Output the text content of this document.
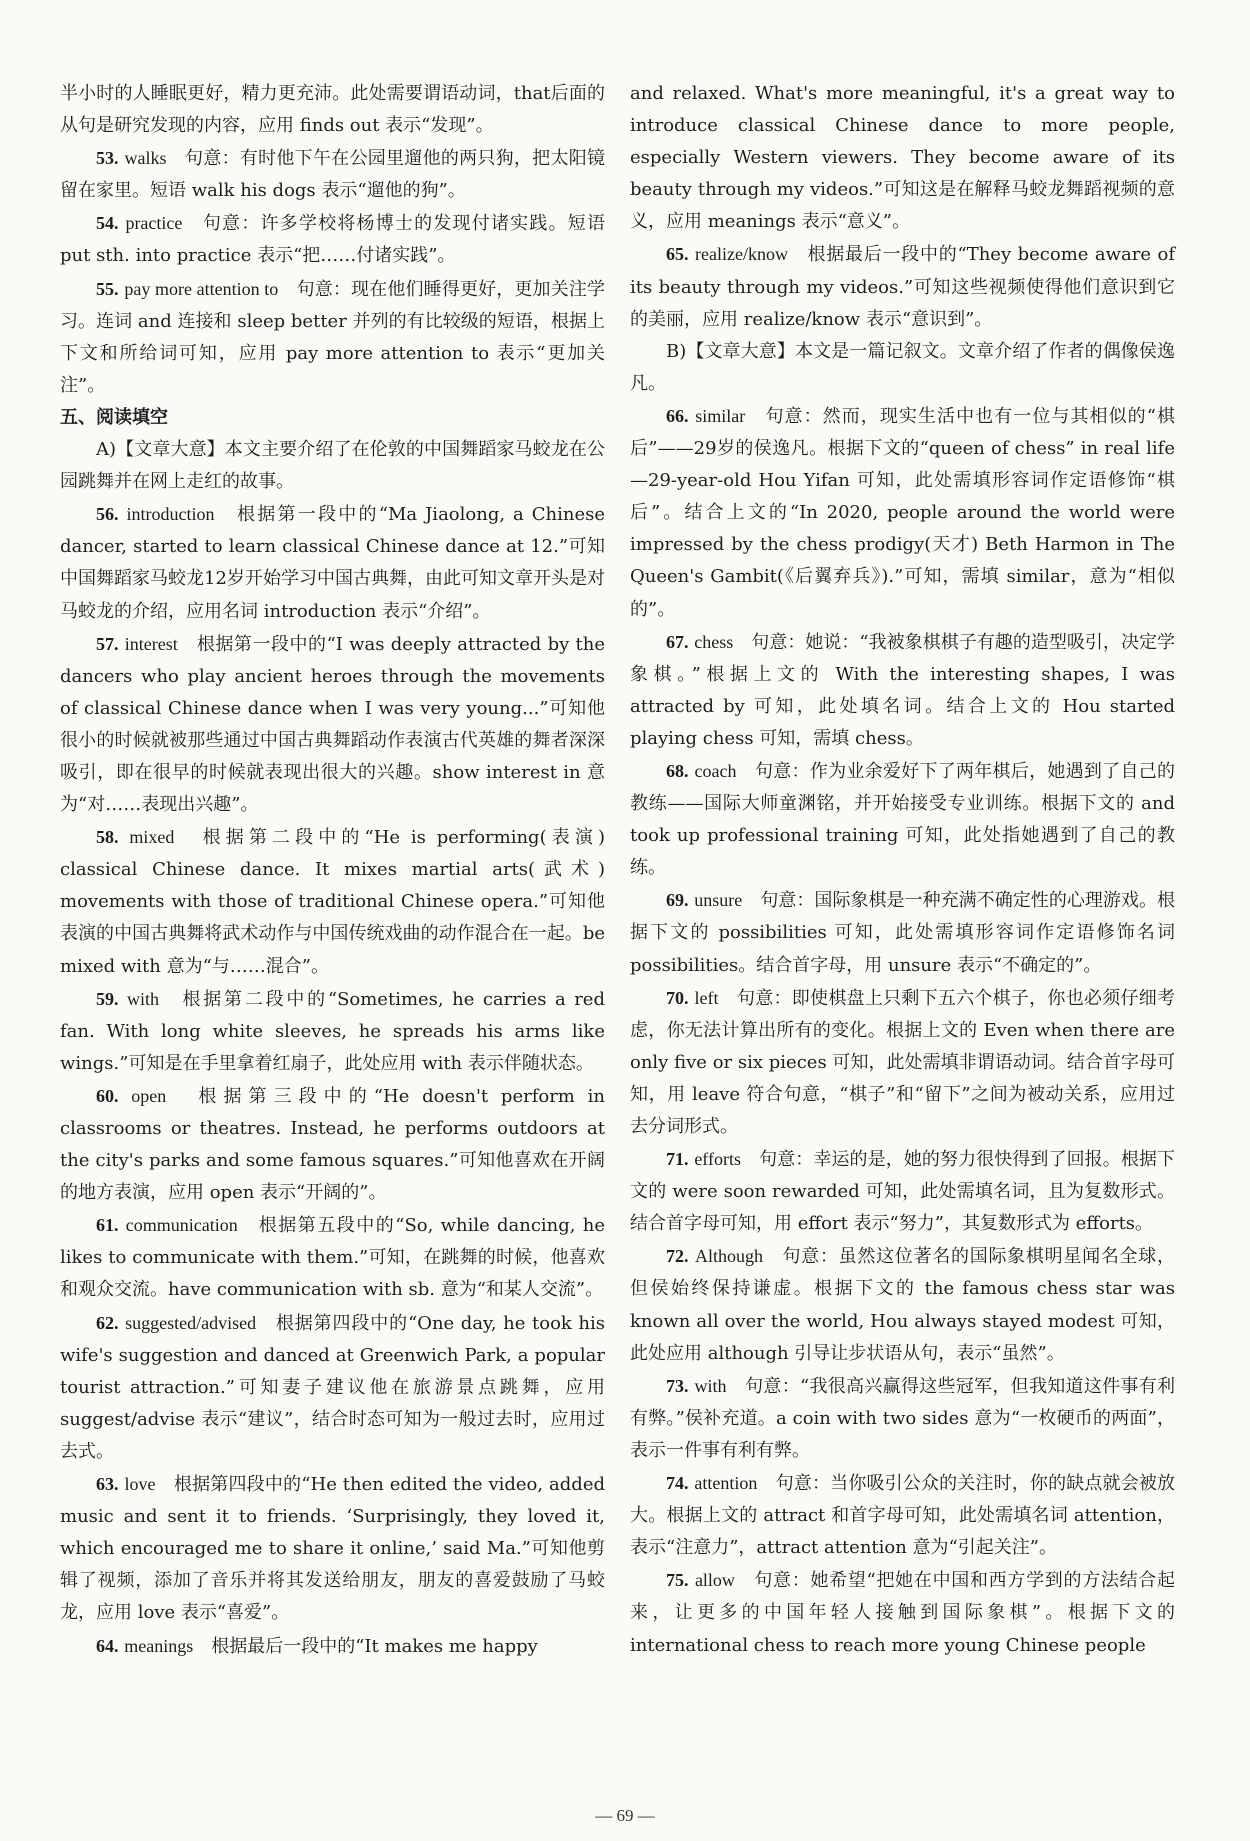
半小时的人睡眠更好，精力更充沛。此处需要谓语动词，that后面的从句是研究发现的内容，应用 finds out 表示“发现”。

53. walks　 句意：有时他下午在公园里遛他的两只狗，把太阳镜留在家里。短语 walk his dogs 表示“遛他的狗”。

54. practice　 句意：许多学校将杨博士的发现付诸实践。短语 put sth. into practice 表示“把……付诸实践”。

55. pay more attention to　 句意：现在他们睡得更好，更加关注学习。连词 and 连接和 sleep better 并列的有比较级的短语，根据上下文和所给词可知，应用 pay more attention to 表示“更加关注”。

五、阅读填空

A)【文章大意】本文主要介绍了在伦敦的中国舞蹈家马蛟龙在公园跳舞并在网上走红的故事。

56. introduction　 根据第一段中的“Ma Jiaolong, a Chinese dancer, started to learn classical Chinese dance at 12.”可知中国舞蹈家马蛟龙12岁开始学习中国古典舞，由此可知文章开头是对马蛟龙的介绍，应用名词 introduction 表示“介绍”。

57. interest　 根据第一段中的“I was deeply attracted by the dancers who play ancient heroes through the movements of classical Chinese dance when I was very young...”可知他很小的时候就被那些通过中国古典舞蹈动作表演古代英雄的舞者深深吸引，即在很早的时候就表现出很大的兴趣。show interest in 意为“对……表现出兴趣”。

58. mixed　 根据第二段中的“He is performing(表演) classical Chinese dance. It mixes martial arts(武术) movements with those of traditional Chinese opera.”可知他表演的中国古典舞将武术动作与中国传统戏曲的动作混合在一起。be mixed with 意为“与……混合”。

59. with　 根据第二段中的“Sometimes, he carries a red fan. With long white sleeves, he spreads his arms like wings.”可知是在手里拿着红扇子，此处应用 with 表示伴随状态。

60. open　 根据第三段中的“He doesn't perform in classrooms or theatres. Instead, he performs outdoors at the city's parks and some famous squares.”可知他喜欢在开阔的地方表演，应用 open 表示“开阔的”。

61. communication　 根据第五段中的“So, while dancing, he likes to communicate with them.”可知，在跳舞的时候，他喜欢和观众交流。have communication with sb. 意为“和某人交流”。

62. suggested/advised　 根据第四段中的“One day, he took his wife's suggestion and danced at Greenwich Park, a popular tourist attraction.”可知妻子建议他在旅游景点跳舞，应用 suggest/advise 表示“建议”，结合时态可知为一般过去时，应用过去式。

63. love　 根据第四段中的“He then edited the video, added music and sent it to friends. ‘Surprisingly, they loved it, which encouraged me to share it online,’ said Ma.”可知他剪辑了视频，添加了音乐并将其发送给朋友，朋友的喜爱鼓励了马蛟龙，应用 love 表示“喜爱”。

64. meanings　 根据最后一段中的“It makes me happy

and relaxed. What's more meaningful, it's a great way to introduce classical Chinese dance to more people, especially Western viewers. They become aware of its beauty through my videos.”可知这是在解释马蛟龙舞蹈视频的意义，应用 meanings 表示“意义”。

65. realize/know　 根据最后一段中的“They become aware of its beauty through my videos.”可知这些视频使得他们意识到它的美丽，应用 realize/know 表示“意识到”。

B)【文章大意】本文是一篇记叙文。文章介绍了作者的偶像侯逸凡。

66. similar　 句意：然而，现实生活中也有一位与其相似的“棋后”——29岁的侯逸凡。根据下文的“queen of chess” in real life—29-year-old Hou Yifan 可知，此处需填形容词作定语修饰“棋后”。结合上文的“In 2020, people around the world were impressed by the chess prodigy(天才) Beth Harmon in The Queen's Gambit(《后翼弃兵》).”可知，需填 similar，意为“相似的”。

67. chess　 句意：她说：“我被象棋棋子有趣的造型吸引，决定学象棋。”根据上文的 With the interesting shapes, I was attracted by 可知，此处填名词。结合上文的 Hou started playing chess 可知，需填 chess。

68. coach　 句意：作为业余爱好下了两年棋后，她遇到了自己的教练——国际大师童渊铭，并开始接受专业训练。根据下文的 and took up professional training 可知，此处指她遇到了自己的教练。

69. unsure　 句意：国际象棋是一种充满不确定性的心理游戏。根据下文的 possibilities 可知，此处需填形容词作定语修饰名词 possibilities。结合首字母，用 unsure 表示“不确定的”。

70. left　 句意：即使棋盘上只剩下五六个棋子，你也必须仔细考虑，你无法计算出所有的变化。根据上文的 Even when there are only five or six pieces 可知，此处需填非谓语动词。结合首字母可知，用 leave 符合句意，“棋子”和“留下”之间为被动关系，应用过去分词形式。

71. efforts　 句意：幸运的是，她的努力很快得到了回报。根据下文的 were soon rewarded 可知，此处需填名词，且为复数形式。结合首字母可知，用 effort 表示“努力”，其复数形式为 efforts。

72. Although　 句意：虽然这位著名的国际象棋明星闻名全球，但侯始终保持谦虚。根据下文的 the famous chess star was known all over the world, Hou always stayed modest 可知，此处应用 although 引导让步状语从句，表示“虽然”。

73. with　 句意：“我很高兴赢得这些冠军，但我知道这件事有利有弊。”侯补充道。a coin with two sides 意为“一枚硬币的两面”，表示一件事有利有弊。

74. attention　 句意：当你吸引公众的关注时，你的缺点就会被放大。根据上文的 attract 和首字母可知，此处需填名词 attention，表示“注意力”，attract attention 意为“引起关注”。

75. allow　 句意：她希望“把她在中国和西方学到的方法结合起来，让更多的中国年轻人接触到国际象棋”。根据下文的 international chess to reach more young Chinese people

— 69 —
